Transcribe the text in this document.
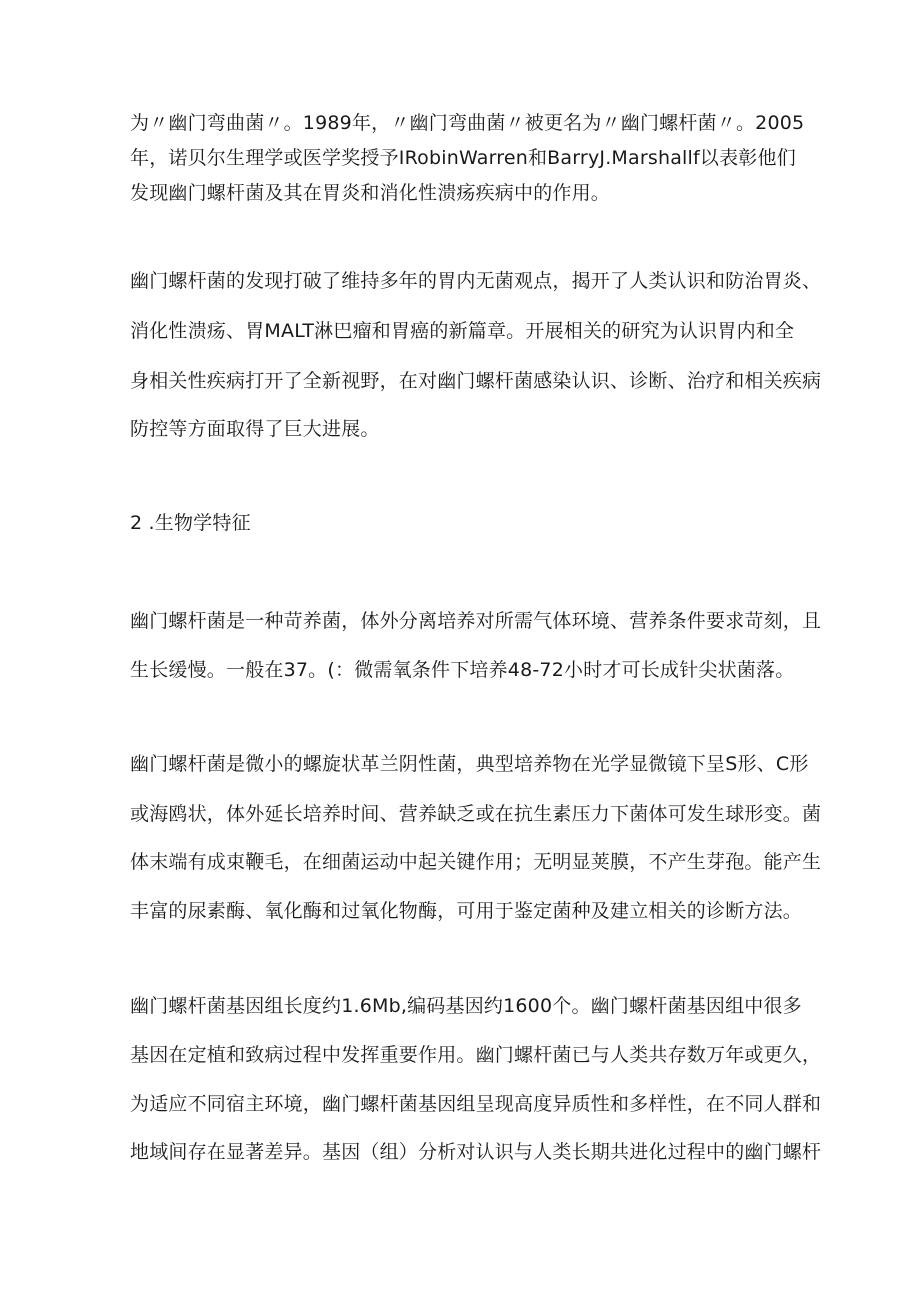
为〃幽门弯曲菌〃。1989年，〃幽门弯曲菌〃被更名为〃幽门螺杆菌〃。2005
年，诺贝尔生理学或医学奖授予IRobinWarren和BarryJ.Marshallf以表彰他们
发现幽门螺杆菌及其在胃炎和消化性溃疡疾病中的作用。
幽门螺杆菌的发现打破了维持多年的胃内无菌观点，揭开了人类认识和防治胃炎、
消化性溃疡、胃MALT淋巴瘤和胃癌的新篇章。开展相关的研究为认识胃内和全
身相关性疾病打开了全新视野，在对幽门螺杆菌感染认识、诊断、治疗和相关疾病
防控等方面取得了巨大进展。
2 .生物学特征
幽门螺杆菌是一种苛养菌，体外分离培养对所需气体环境、营养条件要求苛刻，且
生长缓慢。一般在37。(：微需氧条件下培养48-72小时才可长成针尖状菌落。
幽门螺杆菌是微小的螺旋状革兰阴性菌，典型培养物在光学显微镜下呈S形、C形
或海鸥状，体外延长培养时间、营养缺乏或在抗生素压力下菌体可发生球形变。菌
体末端有成束鞭毛，在细菌运动中起关键作用；无明显荚膜，不产生芽孢。能产生
丰富的尿素酶、氧化酶和过氧化物酶，可用于鉴定菌种及建立相关的诊断方法。
幽门螺杆菌基因组长度约1.6Mb,编码基因约1600个。幽门螺杆菌基因组中很多
基因在定植和致病过程中发挥重要作用。幽门螺杆菌已与人类共存数万年或更久，
为适应不同宿主环境，幽门螺杆菌基因组呈现高度异质性和多样性，在不同人群和
地域间存在显著差异。基因（组）分析对认识与人类长期共进化过程中的幽门螺杆
